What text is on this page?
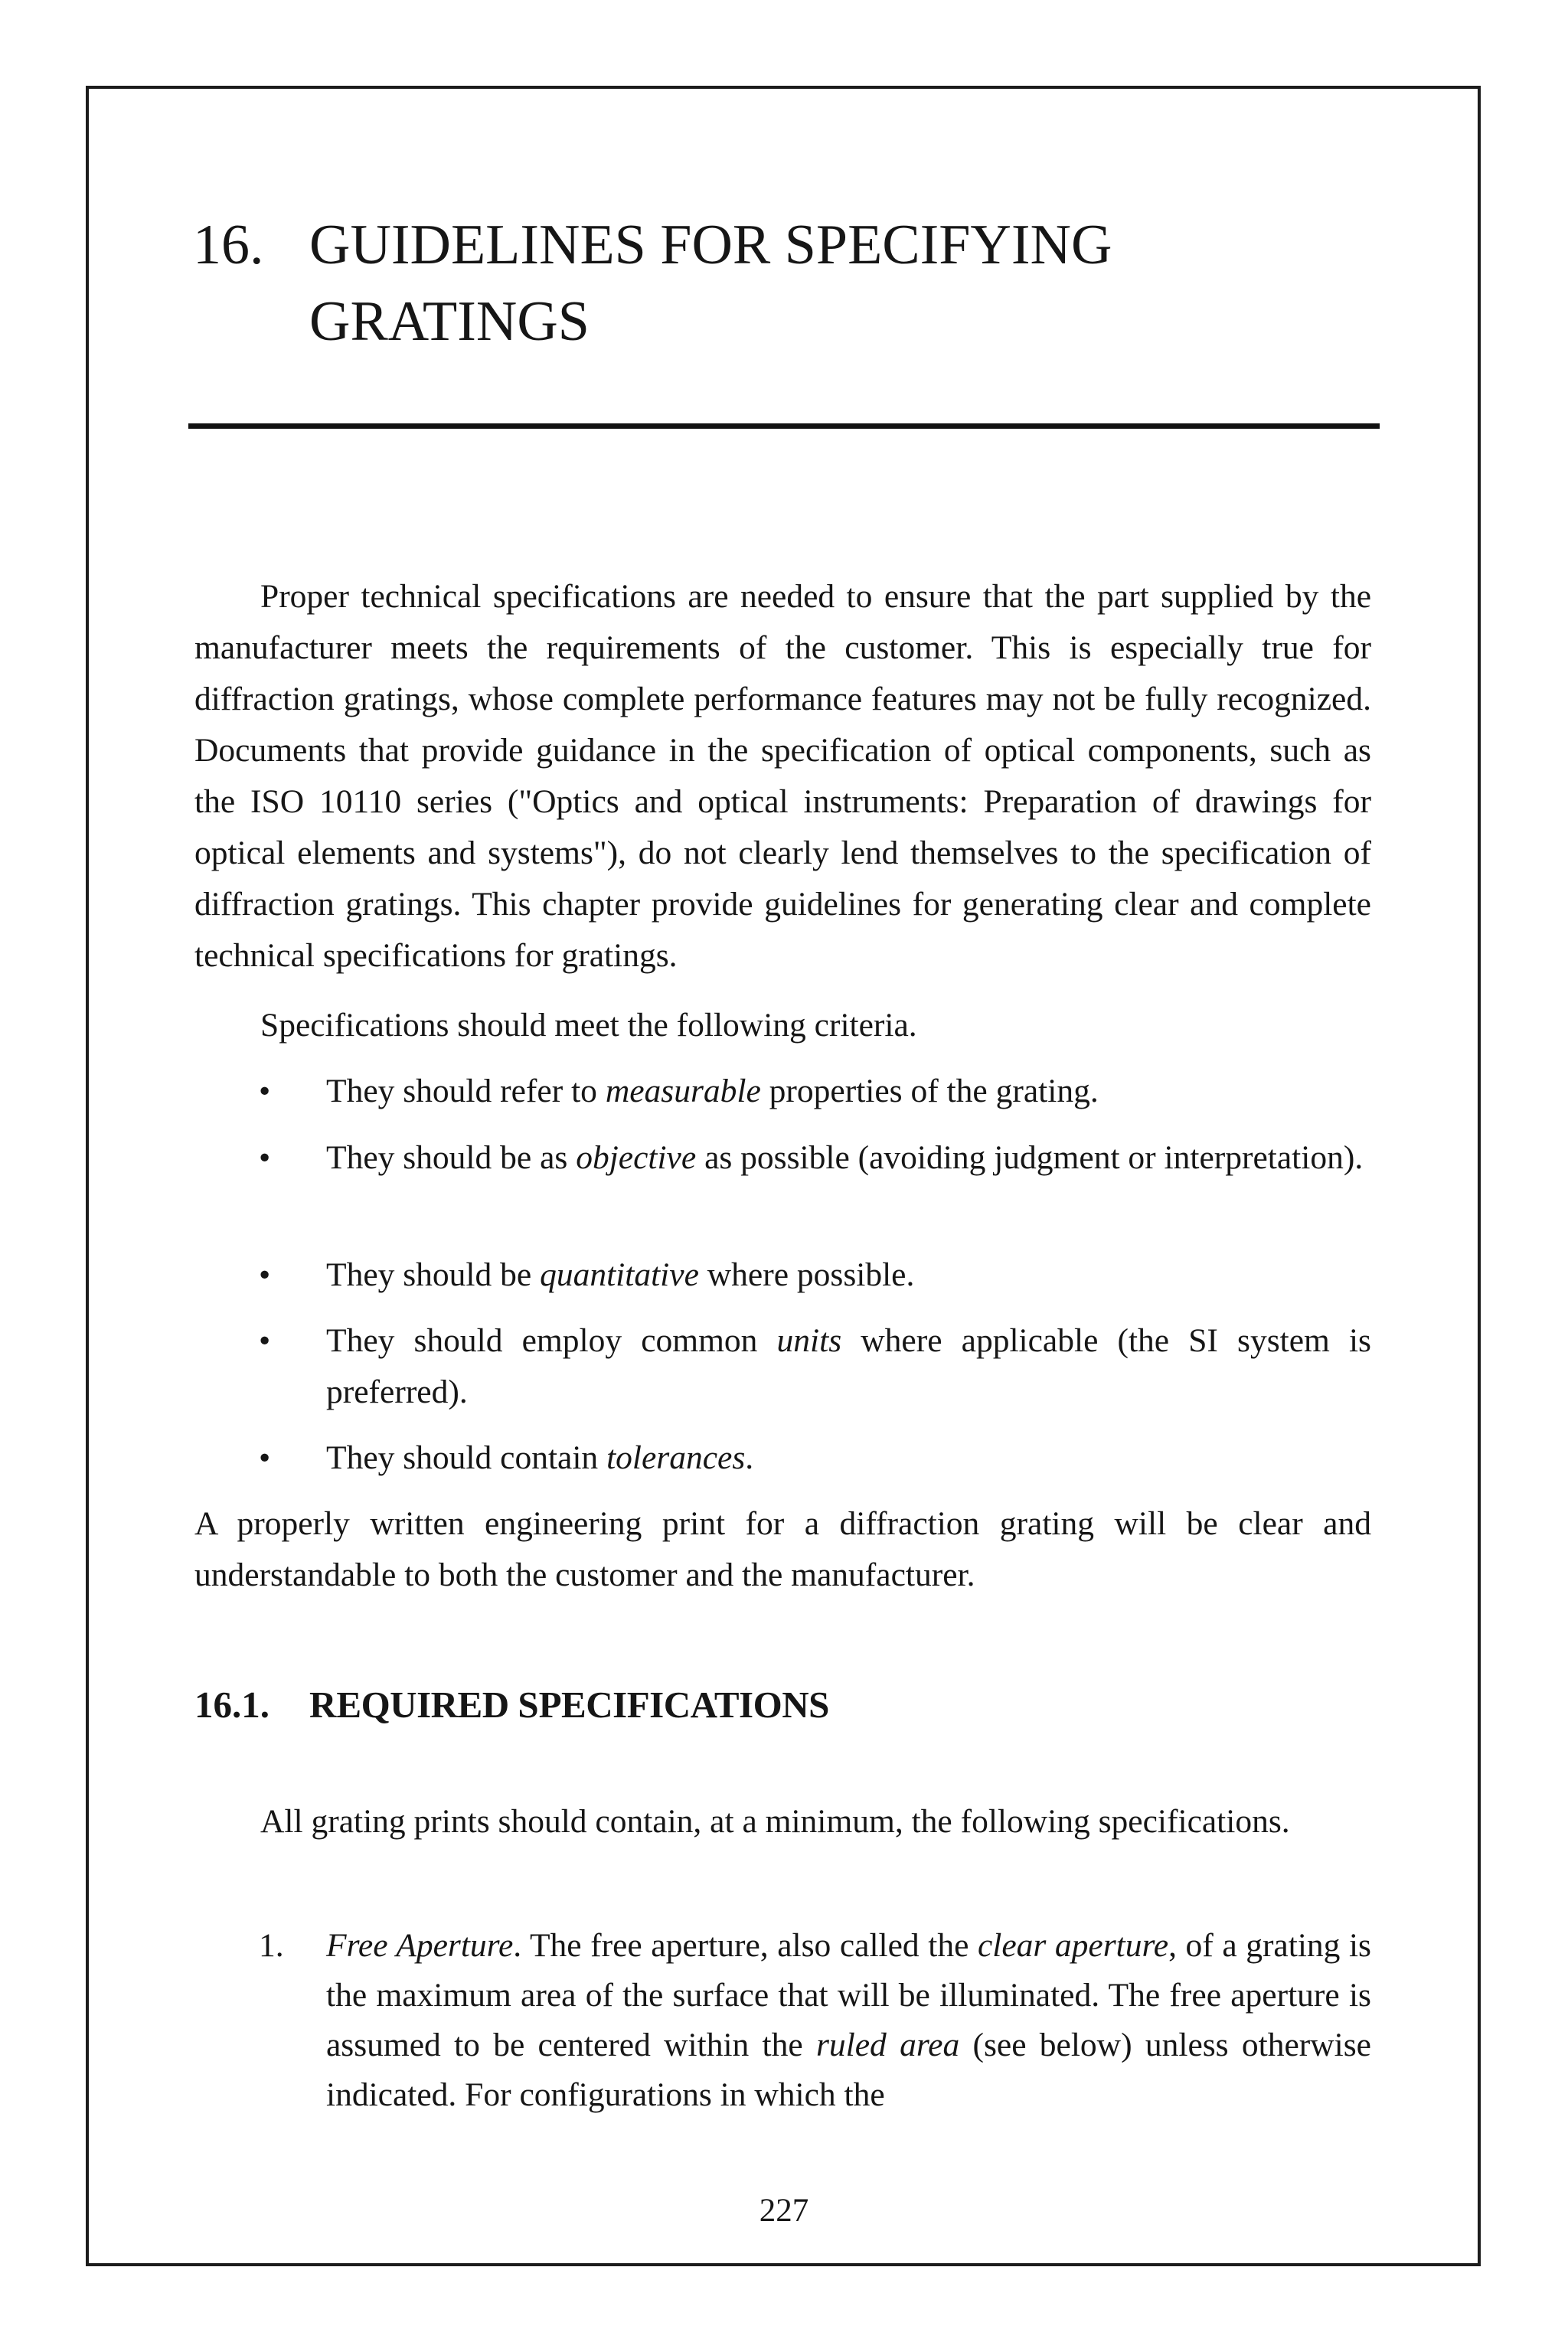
16. GUIDELINES FOR SPECIFYING GRATINGS

Proper technical specifications are needed to ensure that the part supplied by the manufacturer meets the requirements of the customer. This is especially true for diffraction gratings, whose complete performance features may not be fully recognized. Documents that provide guidance in the specification of optical components, such as the ISO 10110 series ("Optics and optical instruments: Preparation of drawings for optical elements and systems"), do not clearly lend themselves to the specification of diffraction gratings. This chapter provide guidelines for generating clear and complete technical specifications for gratings.

Specifications should meet the following criteria.

•	They should refer to measurable properties of the grating.
•	They should be as objective as possible (avoiding judgment or interpretation).
•	They should be quantitative where possible.
•	They should employ common units where applicable (the SI system is preferred).
•	They should contain tolerances.

A properly written engineering print for a diffraction grating will be clear and understandable to both the customer and the manufacturer.

16.1. REQUIRED SPECIFICATIONS

All grating prints should contain, at a minimum, the following specifications.

1. Free Aperture. The free aperture, also called the clear aperture, of a grating is the maximum area of the surface that will be illuminated. The free aperture is assumed to be centered within the ruled area (see below) unless otherwise indicated. For configurations in which the
227
